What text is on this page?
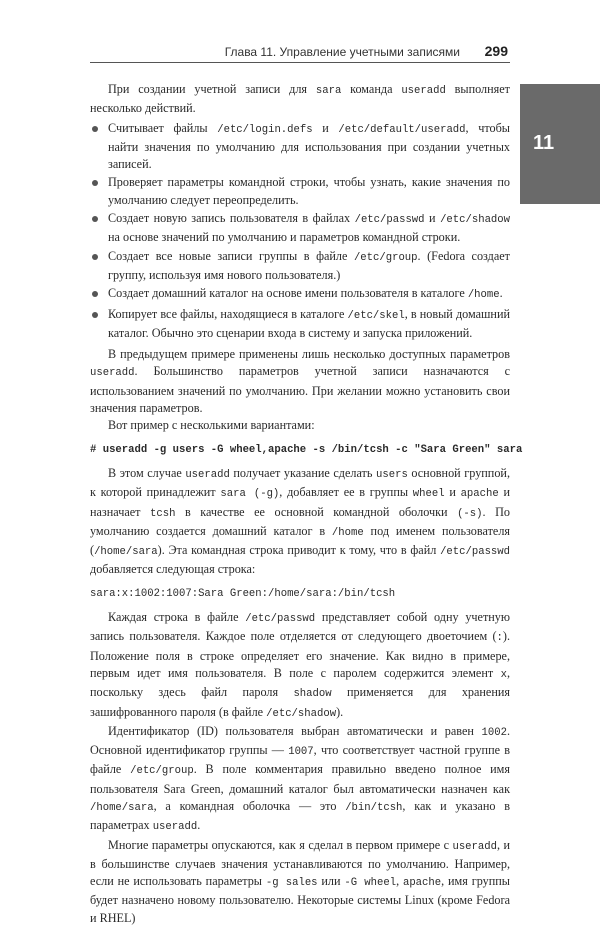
Глава 11. Управление учетными записями 299
11

При создании учетной записи для sara команда useradd выполняет несколько действий.

Считывает файлы /etc/login.defs и /etc/default/useradd, чтобы найти значения по умолчанию для использования при создании учетных записей.
Проверяет параметры командной строки, чтобы узнать, какие значения по умолчанию следует переопределить.
Создает новую запись пользователя в файлах /etc/passwd и /etc/shadow на основе значений по умолчанию и параметров командной строки.
Создает все новые записи группы в файле /etc/group. (Fedora создает группу, используя имя нового пользователя.)
Создает домашний каталог на основе имени пользователя в каталоге /home.
Копирует все файлы, находящиеся в каталоге /etc/skel, в новый домашний каталог. Обычно это сценарии входа в систему и запуска приложений.

В предыдущем примере применены лишь несколько доступных параметров useradd. Большинство параметров учетной записи назначаются с использованием значений по умолчанию. При желании можно установить свои значения параметров.

Вот пример с несколькими вариантами:

# useradd -g users -G wheel,apache -s /bin/tcsh -c "Sara Green" sara

В этом случае useradd получает указание сделать users основной группой, к которой принадлежит sara (-g), добавляет ее в группы wheel и apache и назначает tcsh в качестве ее основной командной оболочки (-s). По умолчанию создается домашний каталог в /home под именем пользователя (/home/sara). Эта командная строка приводит к тому, что в файл /etc/passwd добавляется следующая строка:

sara:x:1002:1007:Sara Green:/home/sara:/bin/tcsh

Каждая строка в файле /etc/passwd представляет собой одну учетную запись пользователя. Каждое поле отделяется от следующего двоеточием (:). Положение поля в строке определяет его значение. Как видно в примере, первым идет имя пользователя. В поле с паролем содержится элемент x, поскольку здесь файл пароля shadow применяется для хранения зашифрованного пароля (в файле /etc/shadow).

Идентификатор (ID) пользователя выбран автоматически и равен 1002. Основной идентификатор группы — 1007, что соответствует частной группе в файле /etc/group. В поле комментария правильно введено полное имя пользователя Sara Green, домашний каталог был автоматически назначен как /home/sara, а командная оболочка — это /bin/tcsh, как и указано в параметрах useradd.

Многие параметры опускаются, как я сделал в первом примере с useradd, и в большинстве случаев значения устанавливаются по умолчанию. Например, если не использовать параметры -g sales или -G wheel, apache, имя группы будет назначено новому пользователю. Некоторые системы Linux (кроме Fedora и RHEL)
